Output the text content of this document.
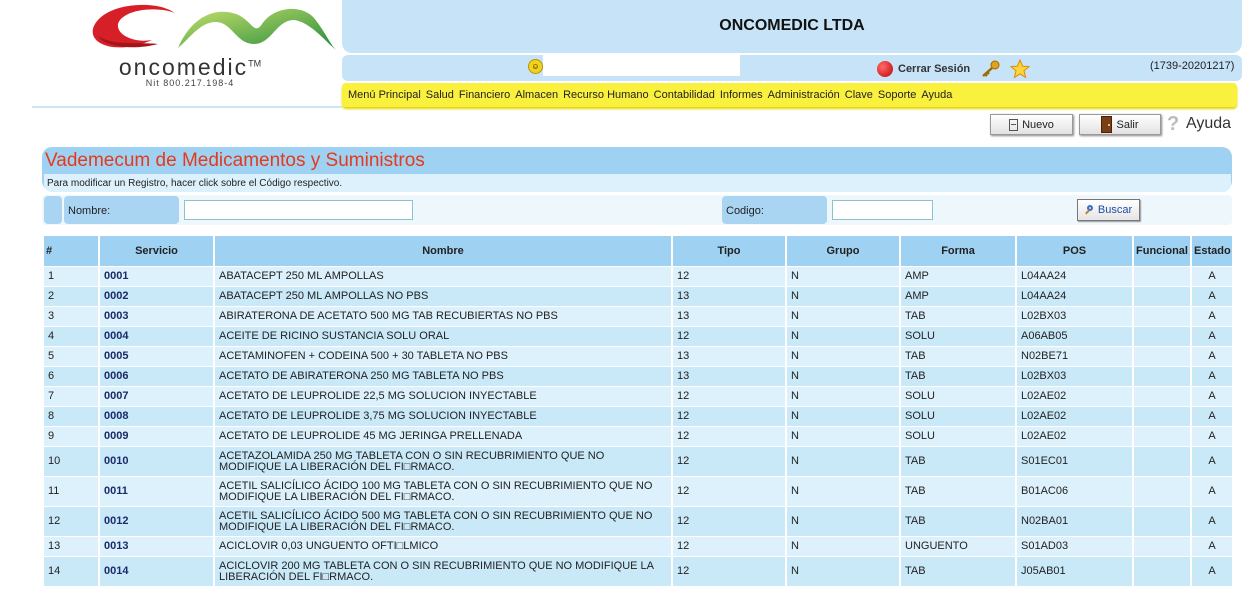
oncomedic™
Nit 800.217.198-4
ONCOMEDIC LTDA
☺	Cerrar Sesión	(1739-20201217)
Menú Principal Salud Financiero Almacen Recurso Humano Contabilidad Informes Administración Clave Soporte Ayuda
Nuevo	Salir ? Ayuda
Vademecum de Medicamentos y Suministros
Para modificar un Registro, hacer click sobre el Código respectivo.
Nombre:	Codigo:	Buscar
#	Servicio	Nombre	Tipo	Grupo	Forma	POS	Funcional	Estado
1	0001	ABATACEPT 250 ML AMPOLLAS	12	N	AMP	L04AA24		A
2	0002	ABATACEPT 250 ML AMPOLLAS NO PBS	13	N	AMP	L04AA24		A
3	0003	ABIRATERONA DE ACETATO 500 MG TAB RECUBIERTAS NO PBS	13	N	TAB	L02BX03		A
4	0004	ACEITE DE RICINO SUSTANCIA SOLU ORAL	12	N	SOLU	A06AB05		A
5	0005	ACETAMINOFEN + CODEINA 500 + 30 TABLETA NO PBS	13	N	TAB	N02BE71		A
6	0006	ACETATO DE ABIRATERONA 250 MG TABLETA NO PBS	13	N	TAB	L02BX03		A
7	0007	ACETATO DE LEUPROLIDE 22,5 MG SOLUCION INYECTABLE	12	N	SOLU	L02AE02		A
8	0008	ACETATO DE LEUPROLIDE 3,75 MG SOLUCION INYECTABLE	12	N	SOLU	L02AE02		A
9	0009	ACETATO DE LEUPROLIDE 45 MG JERINGA PRELLENADA	12	N	SOLU	L02AE02		A
10	0010	ACETAZOLAMIDA 250 MG TABLETA CON O SIN RECUBRIMIENTO QUE NO MODIFIQUE LA LIBERACIÓN DEL FI□RMACO.	12	N	TAB	S01EC01		A
11	0011	ACETIL SALICÍLICO ÁCIDO 100 MG TABLETA CON O SIN RECUBRIMIENTO QUE NO MODIFIQUE LA LIBERACIÓN DEL FI□RMACO.	12	N	TAB	B01AC06		A
12	0012	ACETIL SALICÍLICO ÁCIDO 500 MG TABLETA CON O SIN RECUBRIMIENTO QUE NO MODIFIQUE LA LIBERACIÓN DEL FI□RMACO.	12	N	TAB	N02BA01		A
13	0013	ACICLOVIR 0,03 UNGUENTO OFTI□LMICO	12	N	UNGUENTO	S01AD03		A
14	0014	ACICLOVIR 200 MG TABLETA CON O SIN RECUBRIMIENTO QUE NO MODIFIQUE LA LIBERACIÓN DEL FI□RMACO.	12	N	TAB	J05AB01		A
